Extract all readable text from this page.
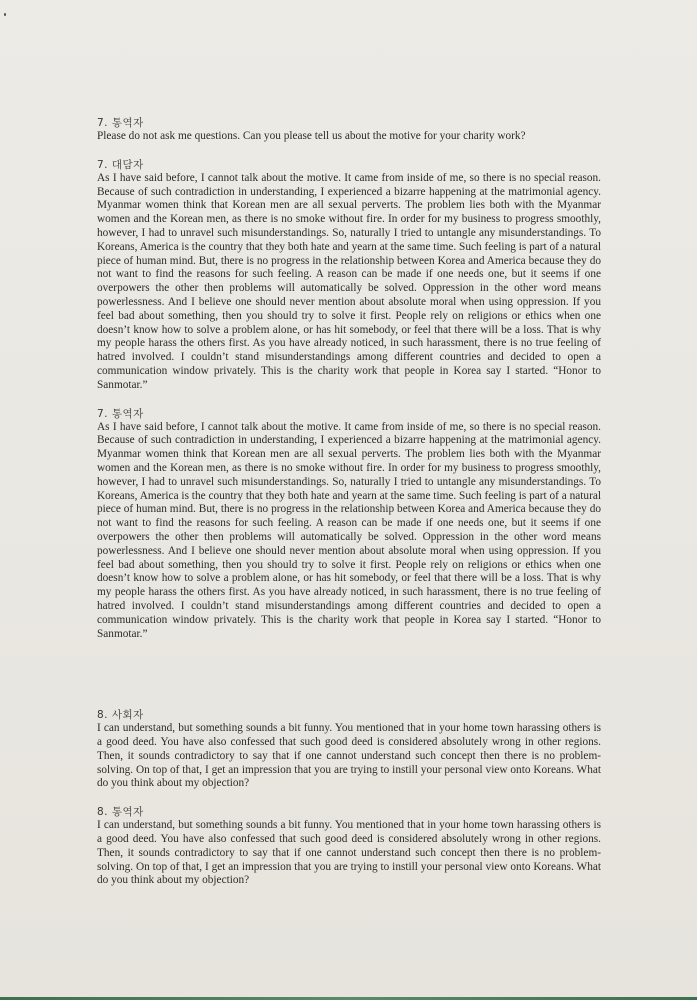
7. 통역자

Please do not ask me questions. Can you please tell us about the motive for your charity work?

7. 대담자

As I have said before, I cannot talk about the motive. It came from inside of me, so there is no special reason. Because of such contradiction in understanding, I experienced a bizarre happening at the matrimonial agency. Myanmar women think that Korean men are all sexual perverts. The problem lies both with the Myanmar women and the Korean men, as there is no smoke without fire. In order for my business to progress smoothly, however, I had to unravel such misunderstandings. So, naturally I tried to untangle any misunderstandings. To Koreans, America is the country that they both hate and yearn at the same time. Such feeling is part of a natural piece of human mind. But, there is no progress in the relationship between Korea and America because they do not want to find the reasons for such feeling. A reason can be made if one needs one, but it seems if one overpowers the other then problems will automatically be solved. Oppression in the other word means powerlessness. And I believe one should never mention about absolute moral when using oppression. If you feel bad about something, then you should try to solve it first. People rely on religions or ethics when one doesn’t know how to solve a problem alone, or has hit somebody, or feel that there will be a loss. That is why my people harass the others first. As you have already noticed, in such harassment, there is no true feeling of hatred involved. I couldn’t stand misunderstandings among different countries and decided to open a communication window privately. This is the charity work that people in Korea say I started. “Honor to Sanmotar.”

7. 통역자

As I have said before, I cannot talk about the motive. It came from inside of me, so there is no special reason. Because of such contradiction in understanding, I experienced a bizarre happening at the matrimonial agency. Myanmar women think that Korean men are all sexual perverts. The problem lies both with the Myanmar women and the Korean men, as there is no smoke without fire. In order for my business to progress smoothly, however, I had to unravel such misunderstandings. So, naturally I tried to untangle any misunderstandings. To Koreans, America is the country that they both hate and yearn at the same time. Such feeling is part of a natural piece of human mind. But, there is no progress in the relationship between Korea and America because they do not want to find the reasons for such feeling. A reason can be made if one needs one, but it seems if one overpowers the other then problems will automatically be solved. Oppression in the other word means powerlessness. And I believe one should never mention about absolute moral when using oppression. If you feel bad about something, then you should try to solve it first. People rely on religions or ethics when one doesn’t know how to solve a problem alone, or has hit somebody, or feel that there will be a loss. That is why my people harass the others first. As you have already noticed, in such harassment, there is no true feeling of hatred involved. I couldn’t stand misunderstandings among different countries and decided to open a communication window privately. This is the charity work that people in Korea say I started. “Honor to Sanmotar.”

8. 사회자

I can understand, but something sounds a bit funny. You mentioned that in your home town harassing others is a good deed. You have also confessed that such good deed is considered absolutely wrong in other regions. Then, it sounds contradictory to say that if one cannot understand such concept then there is no problem-solving. On top of that, I get an impression that you are trying to instill your personal view onto Koreans. What do you think about my objection?

8. 통역자

I can understand, but something sounds a bit funny. You mentioned that in your home town harassing others is a good deed. You have also confessed that such good deed is considered absolutely wrong in other regions. Then, it sounds contradictory to say that if one cannot understand such concept then there is no problem-solving. On top of that, I get an impression that you are trying to instill your personal view onto Koreans. What do you think about my objection?
